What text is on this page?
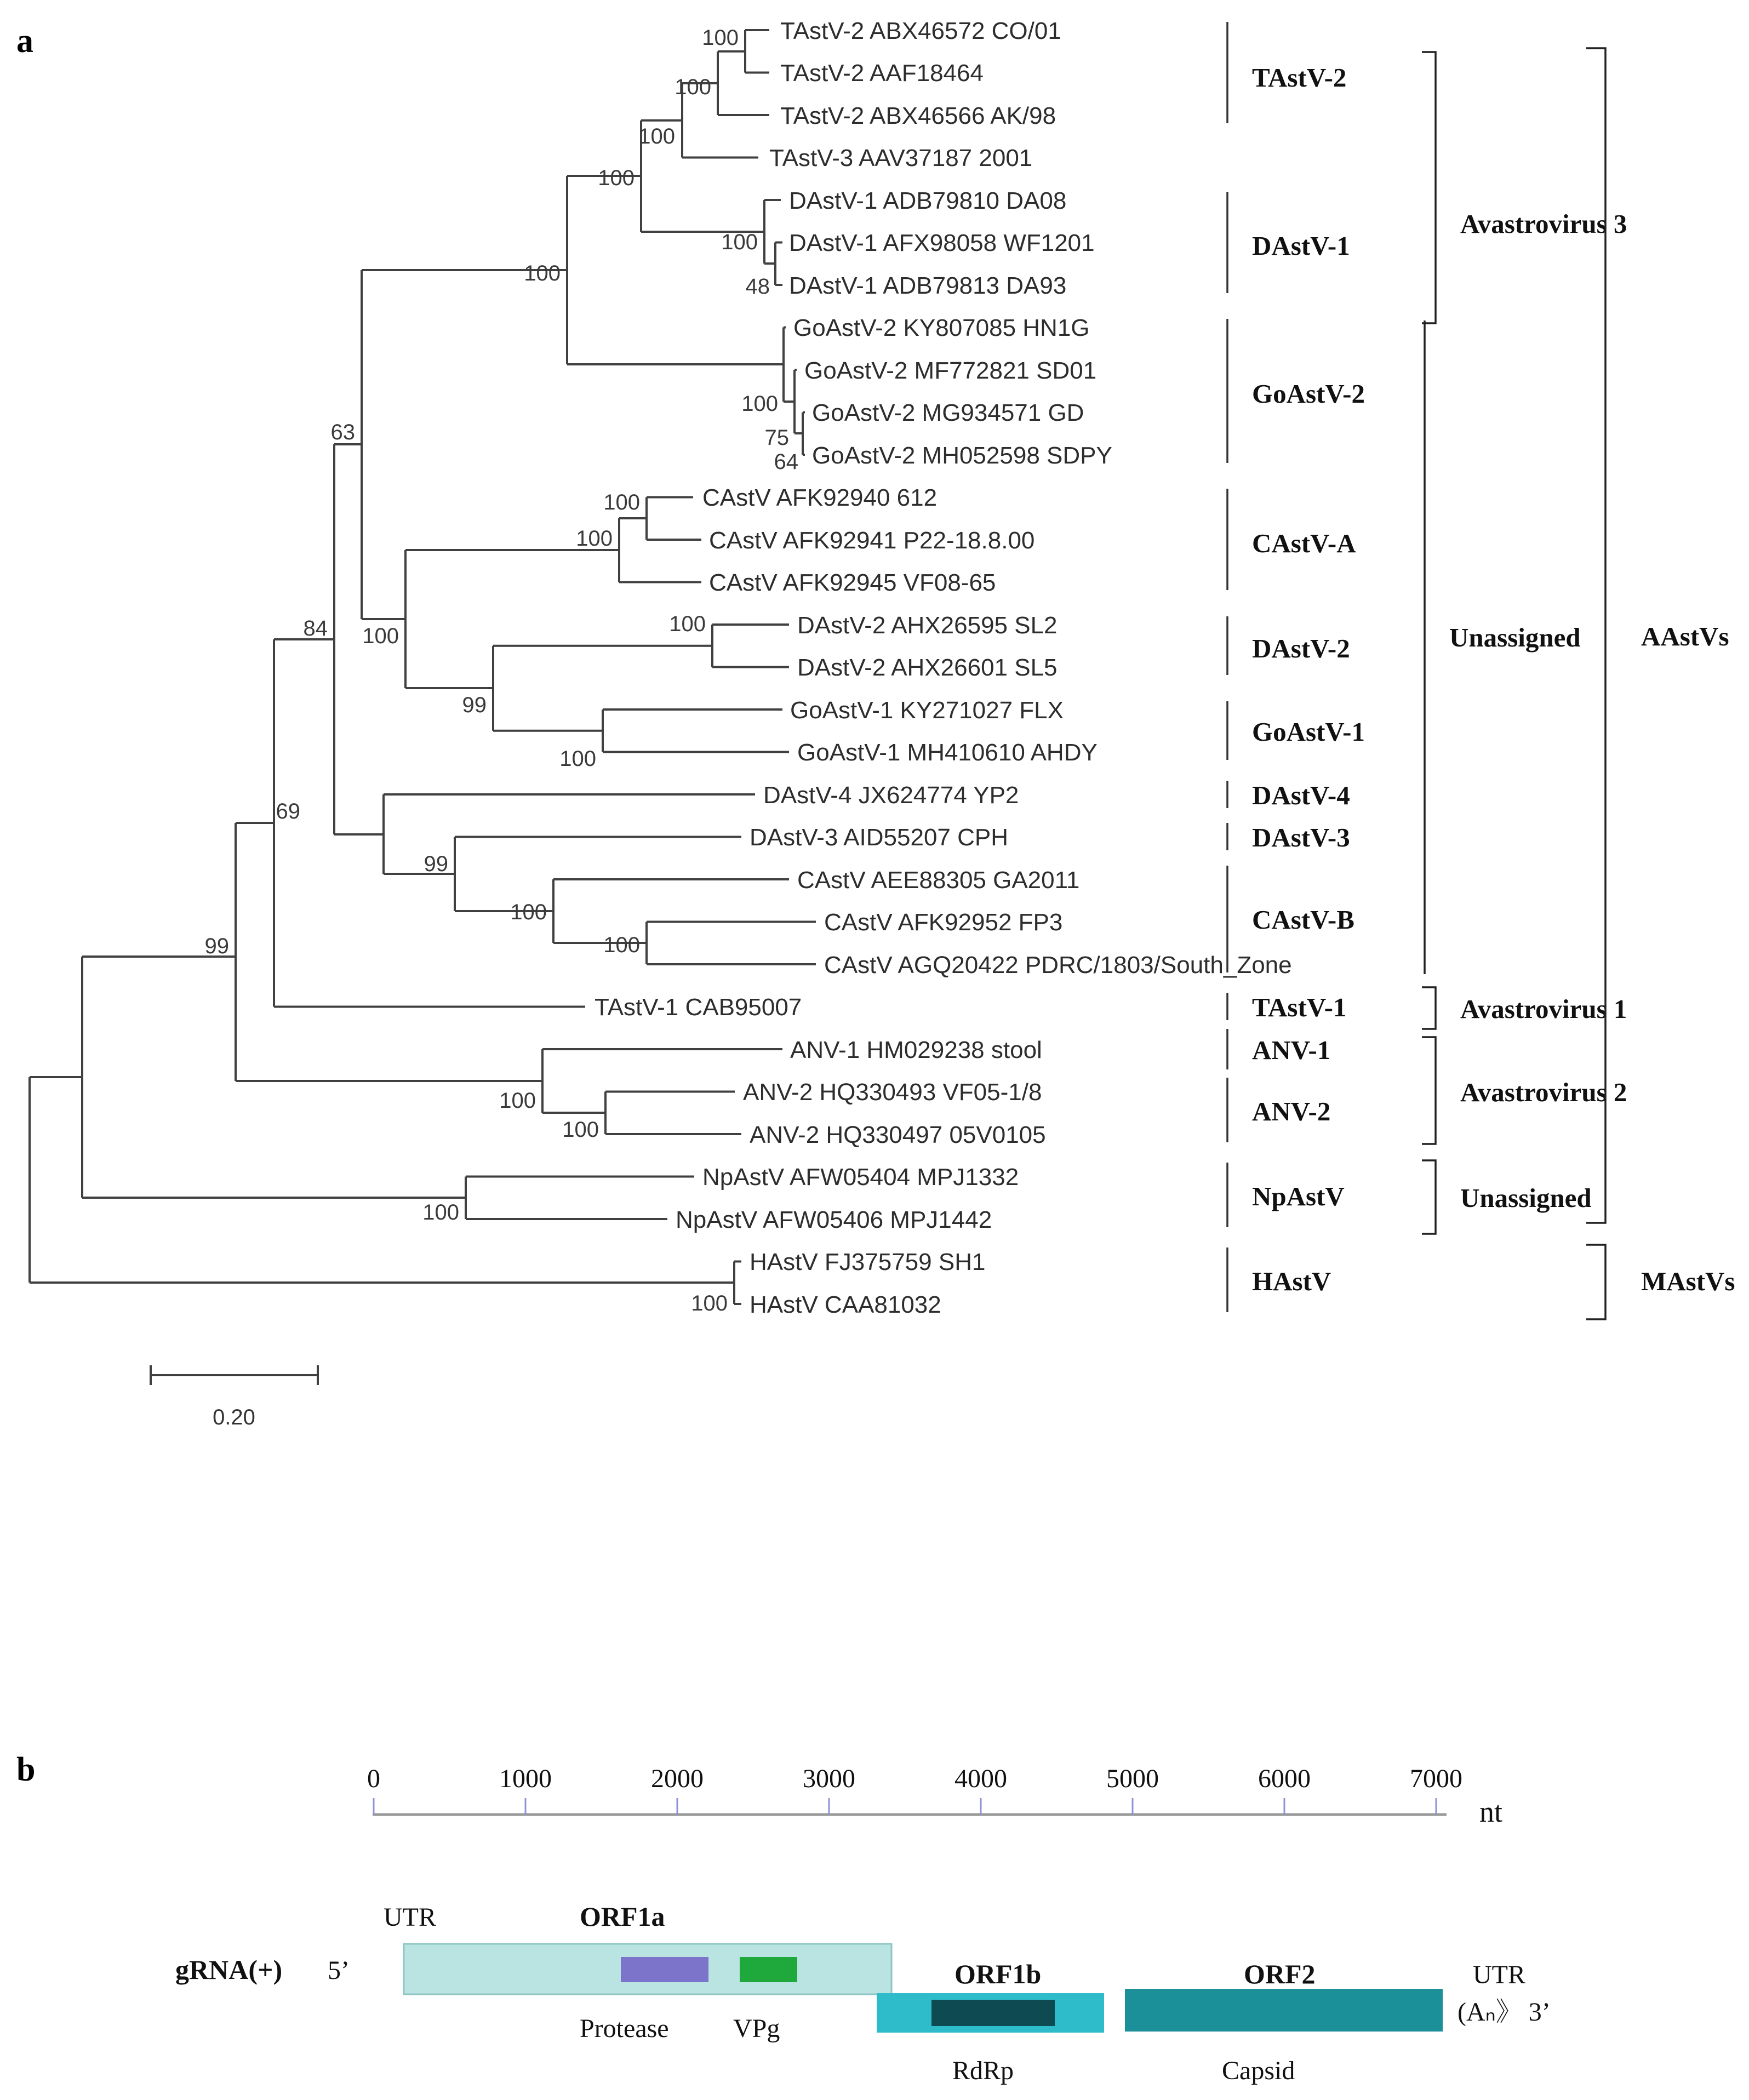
a	TAstV-2 ABX46572 CO/01
TAstV-2 AAF18464
TAstV-2 ABX46566 AK/98
TAstV-3 AAV37187 2001
DAstV-1 ADB79810 DA08
DAstV-1 AFX98058 WF1201
DAstV-1 ADB79813 DA93
GoAstV-2 KY807085 HN1G
GoAstV-2 MF772821 SD01
GoAstV-2 MG934571 GD
GoAstV-2 MH052598 SDPY
CAstV AFK92940 612
CAstV AFK92941 P22-18.8.00
CAstV AFK92945 VF08-65
DAstV-2 AHX26595 SL2
DAstV-2 AHX26601 SL5
GoAstV-1 KY271027 FLX
GoAstV-1 MH410610 AHDY
DAstV-4 JX624774 YP2
DAstV-3 AID55207 CPH
CAstV AEE88305 GA2011
CAstV AFK92952 FP3
CAstV AGQ20422 PDRC/1803/South_Zone
TAstV-1 CAB95007
ANV-1 HM029238 stool
ANV-2 HQ330493 VF05-1/8
ANV-2 HQ330497 05V0105
NpAstV AFW05404 MPJ1332
NpAstV AFW05406 MPJ1442
HAstV FJ375759 SH1
HAstV CAA81032
100
100
100
100
100
48
100
75
64
100
100
100
100
99
100
100
63
84
69
99
100
100
99
100
100
100
100
TAstV-2
DAstV-1
GoAstV-2
CAstV-A
DAstV-2
GoAstV-1
DAstV-4
DAstV-3
CAstV-B
TAstV-1
ANV-1
ANV-2
NpAstV
HAstV
Avastrovirus 3
Unassigned
Avastrovirus 1
Avastrovirus 2
Unassigned
AAstVs
MAstVs
0.20
b	0	1000	2000	3000	4000	5000	6000	7000
nt
gRNA(+) 5’
UTR	ORF1a
Protease VPg
ORF1b
RdRp
ORF2
Capsid
UTR
(Aₙ》 3’
